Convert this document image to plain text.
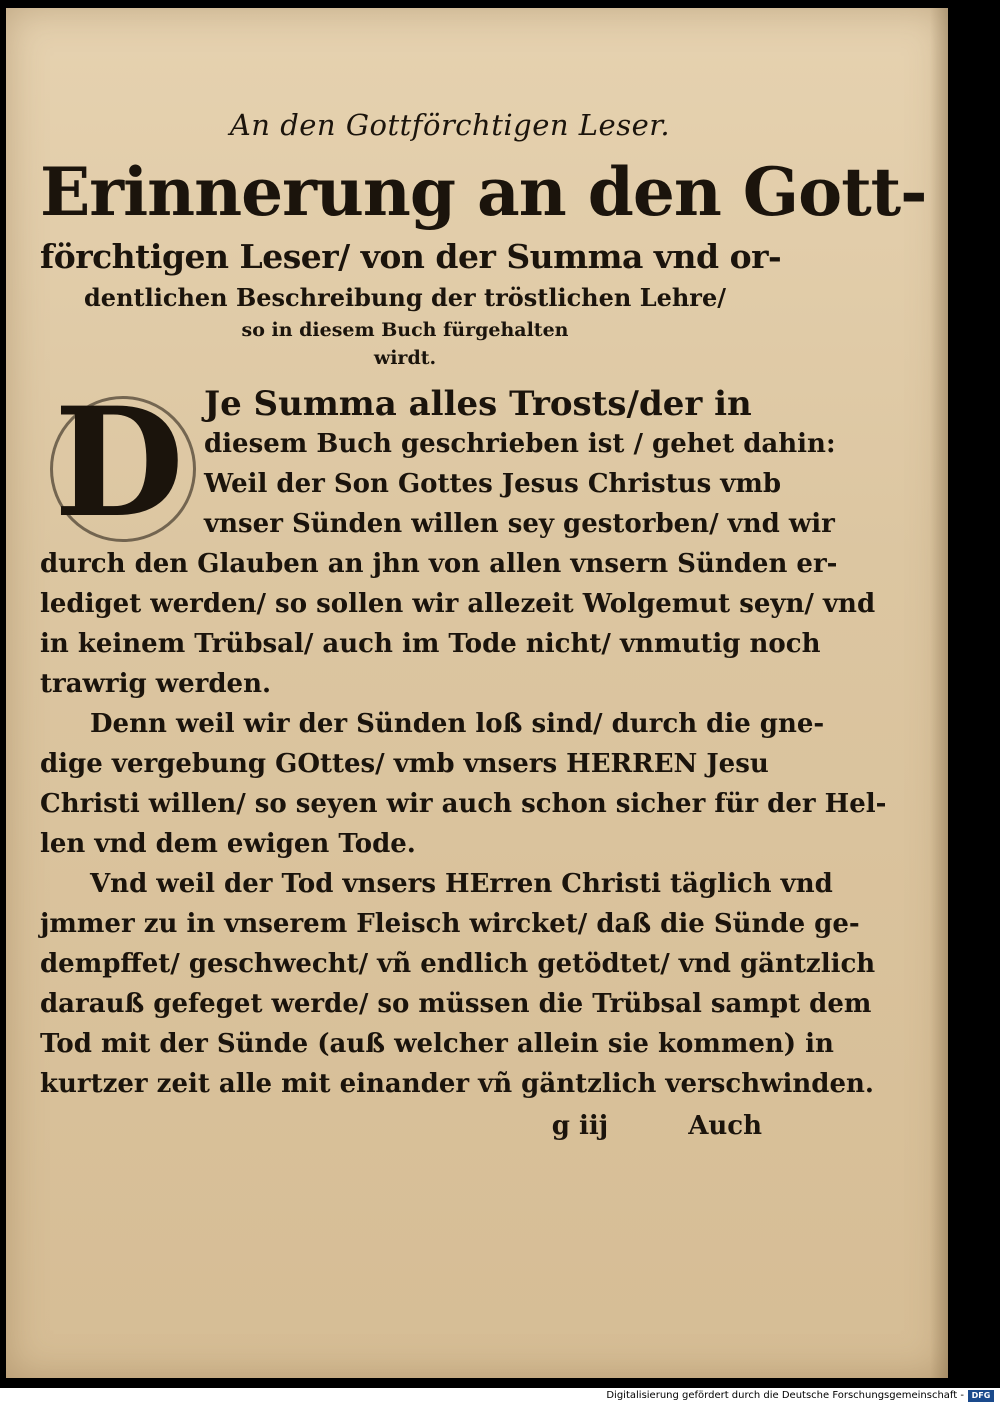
An den Gottförchtigen Leser.

Erinnerung an den Gott-

förchtigen Leser/ von der Summa vnd or-

dentlichen Beschreibung der tröstlichen Lehre/

so in diesem Buch fürgehalten

wirdt.

D Je Summa alles Trosts/der in
diesem Buch geschrieben ist / gehet dahin:
Weil der Son Gottes Jesus Christus vmb
vnser Sünden willen sey gestorben/ vnd wir
durch den Glauben an jhn von allen vnsern Sünden er-
lediget werden/ so sollen wir allezeit Wolgemut seyn/ vnd
in keinem Trübsal/ auch im Tode nicht/ vnmutig noch
trawrig werden.
Denn weil wir der Sünden loß sind/ durch die gne-
dige vergebung GOttes/ vmb vnsers HERREN Jesu
Christi willen/ so seyen wir auch schon sicher für der Hel-
len vnd dem ewigen Tode.
Vnd weil der Tod vnsers HErren Christi täglich vnd
jmmer zu in vnserem Fleisch wircket/ daß die Sünde ge-
dempffet/ geschwecht/ vñ endlich getödtet/ vnd gäntzlich
darauß gefeget werde/ so müssen die Trübsal sampt dem
Tod mit der Sünde (auß welcher allein sie kommen) in
kurtzer zeit alle mit einander vñ gäntzlich verschwinden.
g iij	Auch
Digitalisierung gefördert durch die Deutsche Forschungsgemeinschaft - DFG
